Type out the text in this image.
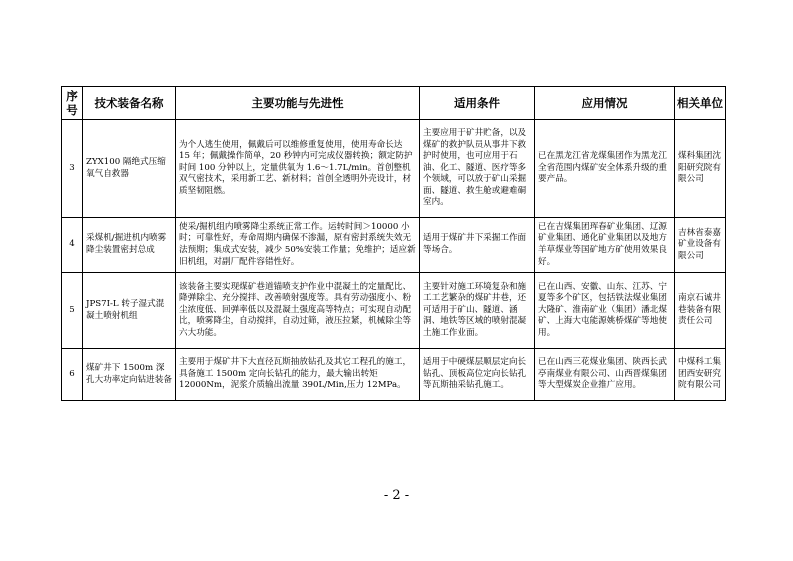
序号	技术装备名称	主要功能与先进性	适用条件	应用情况	相关单位
3	ZYX100 隔绝式压缩氧气自救器	为个人逃生使用，佩戴后可以维修重复使用，使用寿命长达 15 年；佩戴操作简单，20 秒钟内可完成仪器转换；额定防护时间 100 分钟以上，定量供氧为 1.6～1.7L/min。首创整机双气密技术，采用新工艺、新材料；首创全透明外壳设计，材质坚韧阻燃。	主要应用于矿井贮备，以及煤矿的救护队员从事井下救护时使用，也可应用于石油、化工、隧道、医疗等多个领域，可以放于矿山采掘面、隧道、救生舱或避难硐室内。	已在黑龙江省龙煤集团作为黑龙江全省范围内煤矿安全体系升级的重要产品。	煤科集团沈阳研究院有限公司
4	采煤机/掘进机内喷雾降尘装置密封总成	使采/掘机组内喷雾降尘系统正常工作。运转时间＞10000 小时；可靠性好，寿命周期内确保不渗漏，原有密封系统失效无法预期；集成式安装，减少 50%安装工作量；免维护；适应新旧机组，对副厂配件容错性好。	适用于煤矿井下采掘工作面等场合。	已在吉煤集团珲春矿业集团、辽源矿业集团、通化矿业集团以及地方羊草煤业等国矿地方矿使用效果良好。	吉林省泰嘉矿业设备有限公司
5	JPS7I-L 转子湿式混凝土喷射机组	该装备主要实现煤矿巷道锚喷支护作业中混凝土的定量配比、降弹除尘、充分搅拌、改善喷射强度等。具有劳动强度小、粉尘浓度低、回弹率低以及混凝土强度高等特点；可实现自动配比，喷雾降尘，自动搅拌，自动过筛，液压拉紧，机械除尘等六大功能。	主要针对施工环境复杂和施工工艺繁杂的煤矿井巷，还可适用于矿山、隧道、涵洞、地铁等区域的喷射混凝土施工作业面。	已在山西、安徽、山东、江苏、宁夏等多个矿区，包括铁法煤业集团大隆矿、淮南矿业（集团）潘北煤矿、上海大屯能源姚桥煤矿等地使用。	南京石诚井巷装备有限责任公司
6	煤矿井下 1500m 深孔大功率定向钻进装备	主要用于煤矿井下大直径瓦斯抽放钻孔及其它工程孔的施工，具备施工 1500m 定向长钻孔的能力，最大输出转矩 12000Nm，泥浆介质输出流量 390L/Min,压力 12MPa。	适用于中硬煤层顺层定向长钻孔、顶板高位定向长钻孔等瓦斯抽采钻孔施工。	已在山西三花煤业集团、陕西长武亭南煤业有限公司、山西晋煤集团等大型煤炭企业推广应用。	中煤科工集团西安研究院有限公司
- 2 -
